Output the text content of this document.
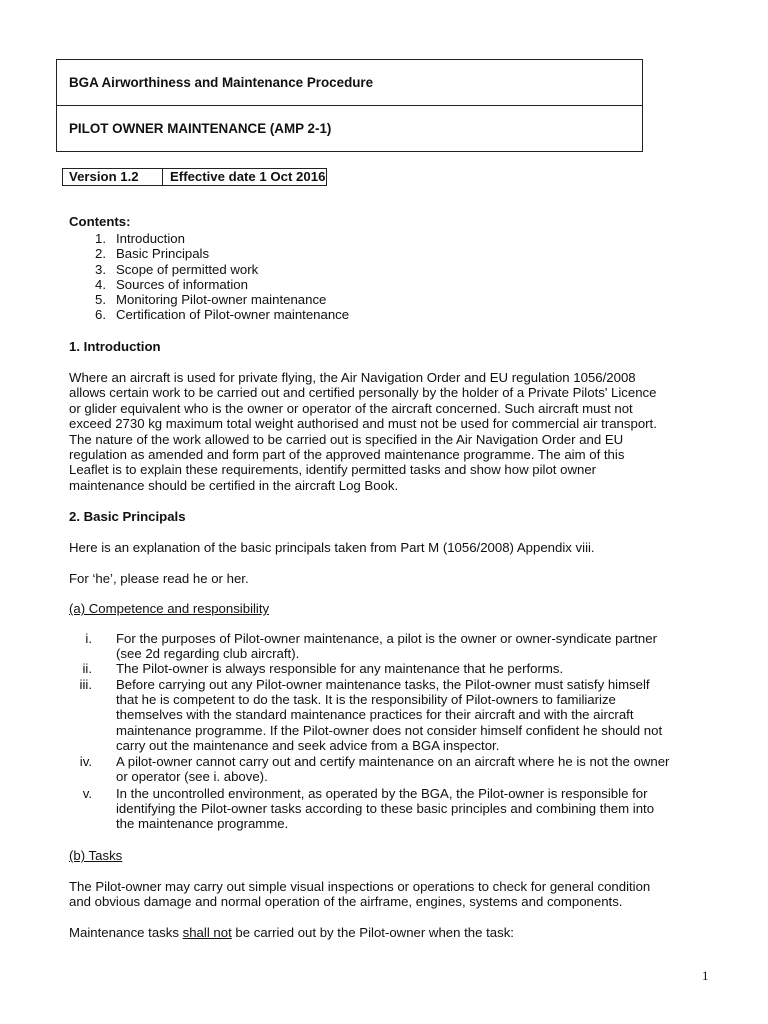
BGA Airworthiness and Maintenance Procedure
PILOT OWNER MAINTENANCE (AMP 2-1)
Version 1.2	Effective date 1 Oct 2016
Contents:
1. Introduction
2. Basic Principals
3. Scope of permitted work
4. Sources of information
5. Monitoring Pilot-owner maintenance
6. Certification of Pilot-owner maintenance
1. Introduction
Where an aircraft is used for private flying, the Air Navigation Order and EU regulation 1056/2008
allows certain work to be carried out and certified personally by the holder of a Private Pilots' Licence
or glider equivalent who is the owner or operator of the aircraft concerned. Such aircraft must not
exceed 2730 kg maximum total weight authorised and must not be used for commercial air transport.
The nature of the work allowed to be carried out is specified in the Air Navigation Order and EU
regulation as amended and form part of the approved maintenance programme. The aim of this
Leaflet is to explain these requirements, identify permitted tasks and show how pilot owner
maintenance should be certified in the aircraft Log Book.
2. Basic Principals
Here is an explanation of the basic principals taken from Part M (1056/2008) Appendix viii.
For ‘he’, please read he or her.
(a) Competence and responsibility
i. For the purposes of Pilot-owner maintenance, a pilot is the owner or owner-syndicate partner
(see 2d regarding club aircraft).
ii. The Pilot-owner is always responsible for any maintenance that he performs.
iii. Before carrying out any Pilot-owner maintenance tasks, the Pilot-owner must satisfy himself
that he is competent to do the task. It is the responsibility of Pilot-owners to familiarize
themselves with the standard maintenance practices for their aircraft and with the aircraft
maintenance programme. If the Pilot-owner does not consider himself confident he should not
carry out the maintenance and seek advice from a BGA inspector.
iv. A pilot-owner cannot carry out and certify maintenance on an aircraft where he is not the owner
or operator (see i. above).
v. In the uncontrolled environment, as operated by the BGA, the Pilot-owner is responsible for
identifying the Pilot-owner tasks according to these basic principles and combining them into
the maintenance programme.
(b) Tasks
The Pilot-owner may carry out simple visual inspections or operations to check for general condition
and obvious damage and normal operation of the airframe, engines, systems and components.
Maintenance tasks shall not be carried out by the Pilot-owner when the task:
1
